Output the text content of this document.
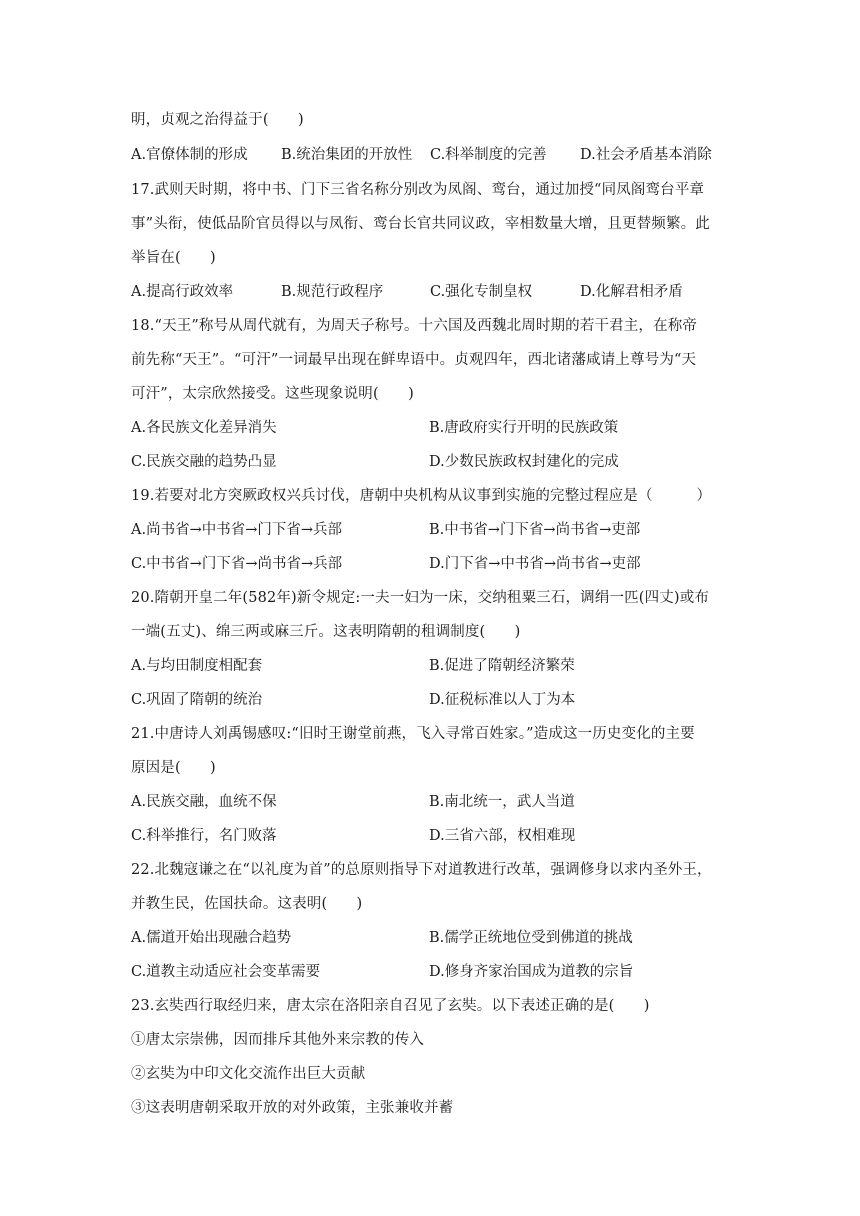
明，贞观之治得益于(　　)
A.官僚体制的形成 B.统治集团的开放性 C.科举制度的完善 D.社会矛盾基本消除
17.武则天时期，将中书、门下三省名称分别改为凤阁、鸾台，通过加授“同凤阁鸾台平章
事”头衔，使低品阶官员得以与凤衔、鸾台长官共同议政，宰相数量大增，且更替频繁。此
举旨在(　　)
A.提高行政效率	B.规范行政程序	C.强化专制皇权	D.化解君相矛盾
18.“天王”称号从周代就有，为周天子称号。十六国及西魏北周时期的若干君主，在称帝
前先称“天王”。“可汗”一词最早出现在鲜卑语中。贞观四年，西北诸藩咸请上尊号为“天
可汗”，太宗欣然接受。这些现象说明(　　)
A.各民族文化差异消失	B.唐政府实行开明的民族政策
C.民族交融的趋势凸显	D.少数民族政权封建化的完成
19.若要对北方突厥政权兴兵讨伐，唐朝中央机构从议事到实施的完整过程应是（　　　）
A.尚书省→中书省→门下省→兵部	B.中书省→门下省→尚书省→吏部
C.中书省→门下省→尚书省→兵部	D.门下省→中书省→尚书省→吏部
20.隋朝开皇二年(582年)新令规定:一夫一妇为一床，交纳租粟三石，调绢一匹(四丈)或布
一端(五丈)、绵三两或麻三斤。这表明隋朝的租调制度(　　)
A.与均田制度相配套	B.促进了隋朝经济繁荣
C.巩固了隋朝的统治	D.征税标准以人丁为本
21.中唐诗人刘禹锡感叹:“旧时王谢堂前燕，飞入寻常百姓家。”造成这一历史变化的主要
原因是(　　)
A.民族交融，血统不保	B.南北统一，武人当道
C.科举推行，名门败落	D.三省六部，权相难现
22.北魏寇谦之在“以礼度为首”的总原则指导下对道教进行改革，强调修身以求内圣外王，
并教生民，佐国扶命。这表明(　　)
A.儒道开始出现融合趋势	B.儒学正统地位受到佛道的挑战
C.道教主动适应社会变革需要	D.修身齐家治国成为道教的宗旨
23.玄奘西行取经归来，唐太宗在洛阳亲自召见了玄奘。以下表述正确的是(　　)
①唐太宗崇佛，因而排斥其他外来宗教的传入
②玄奘为中印文化交流作出巨大贡献
③这表明唐朝采取开放的对外政策，主张兼收并蓄
